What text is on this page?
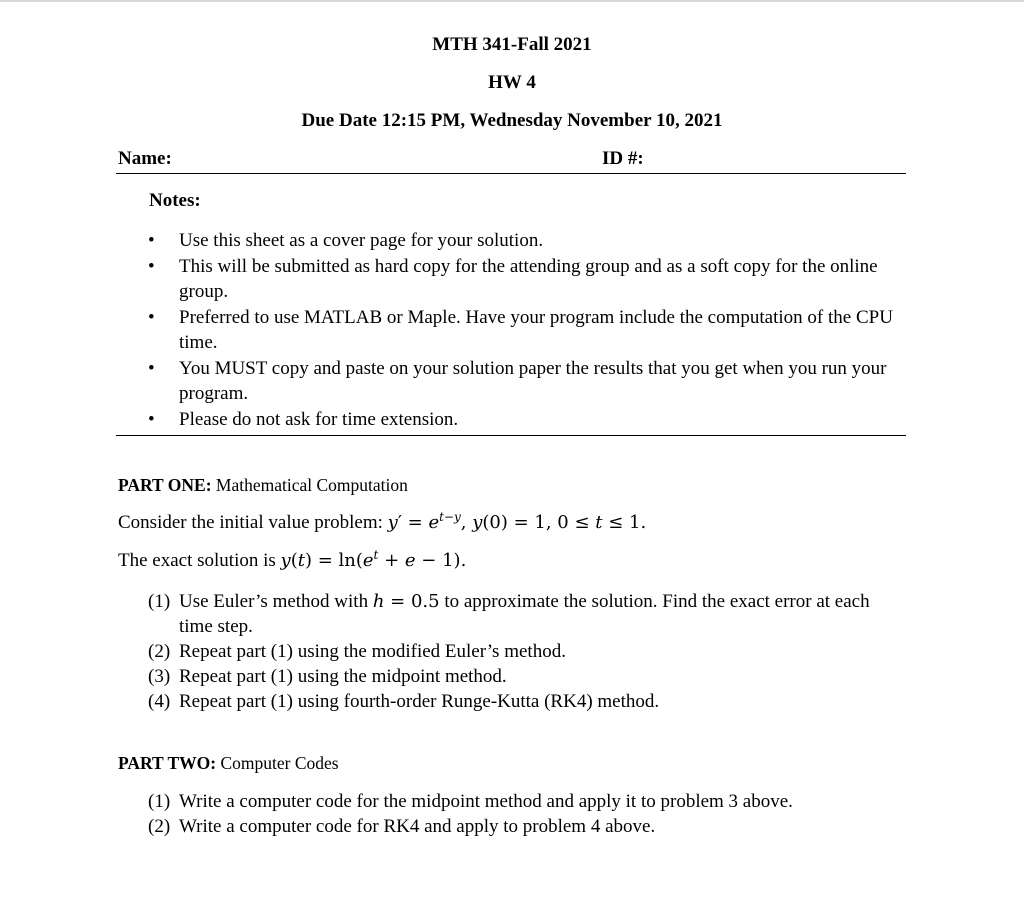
MTH 341-Fall 2021
HW 4
Due Date 12:15 PM, Wednesday November 10, 2021
Name:	ID #:
Notes:
• Use this sheet as a cover page for your solution.
• This will be submitted as hard copy for the attending group and as a soft copy for the online group.
• Preferred to use MATLAB or Maple. Have your program include the computation of the CPU time.
• You MUST copy and paste on your solution paper the results that you get when you run your program.
• Please do not ask for time extension.
PART ONE: Mathematical Computation
Consider the initial value problem: $y' = e^{t-y}$, y(0) = 1, 0 ≤ t ≤ 1.
The exact solution is $y(t) = \ln(e^t + e - 1)$.
(1) Use Euler’s method with h = 0.5 to approximate the solution. Find the exact error at each time step.
(2) Repeat part (1) using the modified Euler’s method.
(3) Repeat part (1) using the midpoint method.
(4) Repeat part (1) using fourth-order Runge-Kutta (RK4) method.
PART TWO: Computer Codes
(1) Write a computer code for the midpoint method and apply it to problem 3 above.
(2) Write a computer code for RK4 and apply to problem 4 above.
